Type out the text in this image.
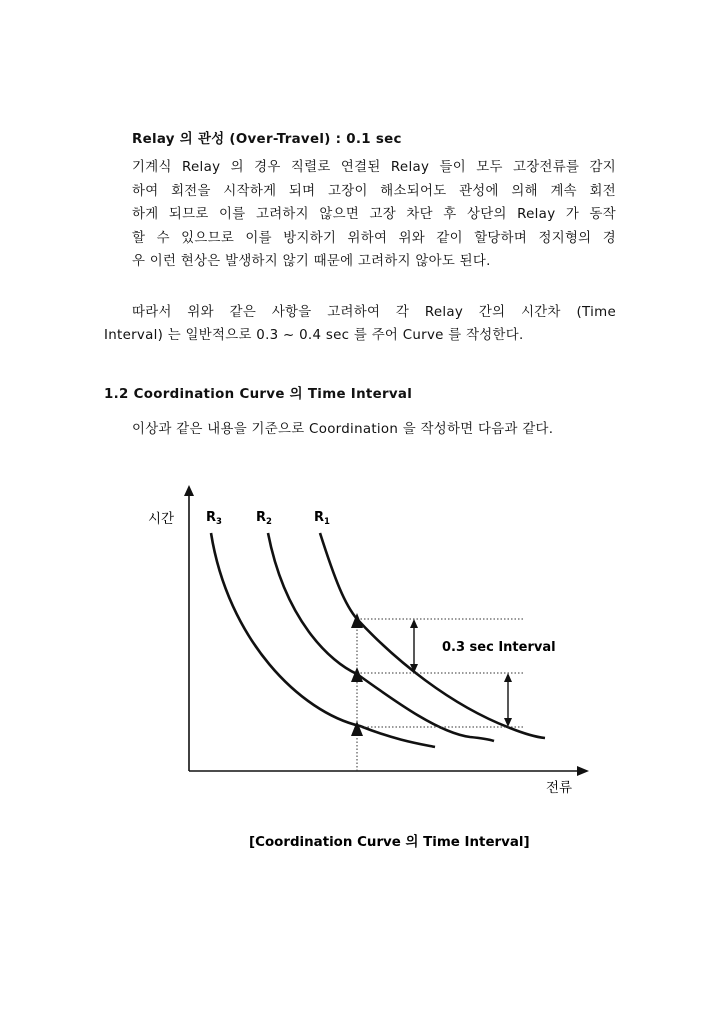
Relay 의 관성 (Over-Travel) : 0.1 sec
기계식 Relay 의 경우 직렬로 연결된 Relay 들이 모두 고장전류를 감지
하여 회전을 시작하게 되며 고장이 해소되어도 관성에 의해 계속 회전
하게 되므로 이를 고려하지 않으면 고장 차단 후 상단의 Relay 가 동작
할 수 있으므로 이를 방지하기 위하여 위와 같이 할당하며 정지형의 경
우 이런 현상은 발생하지 않기 때문에 고려하지 않아도 된다.
따라서 위와 같은 사항을 고려하여 각 Relay 간의 시간차 (Time
Interval) 는 일반적으로 0.3 ~ 0.4 sec 를 주어 Curve 를 작성한다.
1.2 Coordination Curve 의 Time Interval
이상과 같은 내용을 기준으로 Coordination 을 작성하면 다음과 같다.
시간
전류
$R_3$	$R_2$	$R_1$
0.3 sec Interval
[Coordination Curve 의 Time Interval]
